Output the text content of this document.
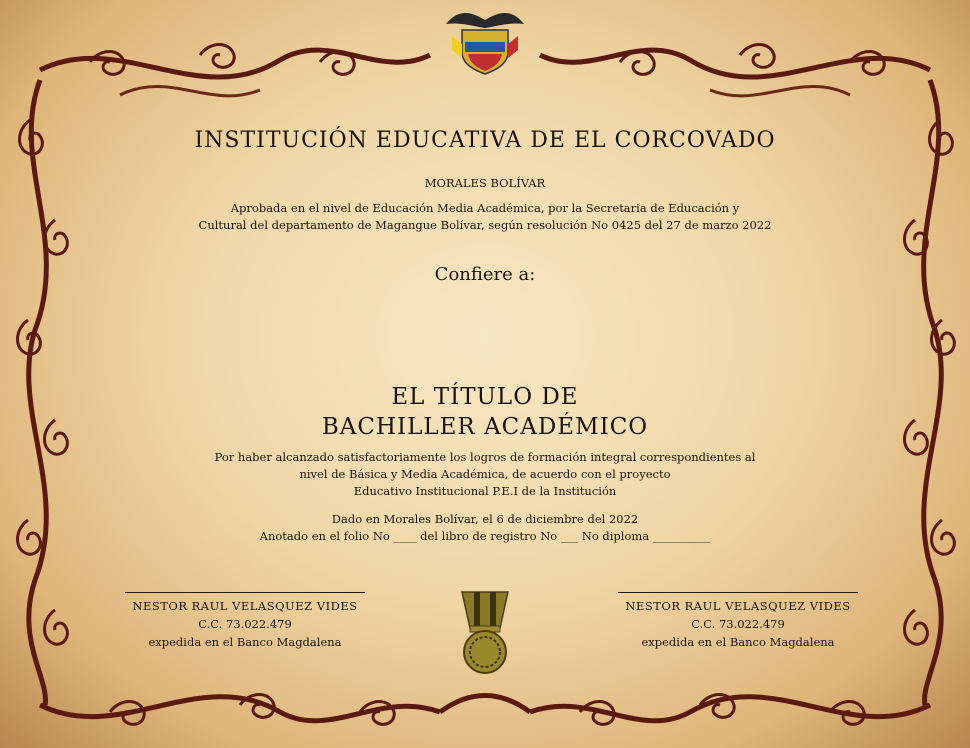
INSTITUCIÓN EDUCATIVA DE EL CORCOVADO
MORALES BOLÍVAR
Aprobada en el nivel de Educación Media Académica, por la Secretaria de Educación y
Cultural del departamento de Magangue Bolívar, según resolución No 0425 del 27 de marzo 2022
Confiere a:
EL TÍTULO DE
BACHILLER ACADÉMICO
Por haber alcanzado satisfactoriamente los logros de formación integral correspondientes al
nivel de Básica y Media Académica, de acuerdo con el proyecto
Educativo Institucional P.E.I de la Institución
Dado en Morales Bolívar, el 6 de diciembre del 2022
Anotado en el folio No ____ del libro de registro No ___ No diploma __________
NESTOR RAUL VELASQUEZ VIDES
C.C. 73.022.479
expedida en el Banco Magdalena
NESTOR RAUL VELASQUEZ VIDES
C.C. 73.022.479
expedida en el Banco Magdalena
